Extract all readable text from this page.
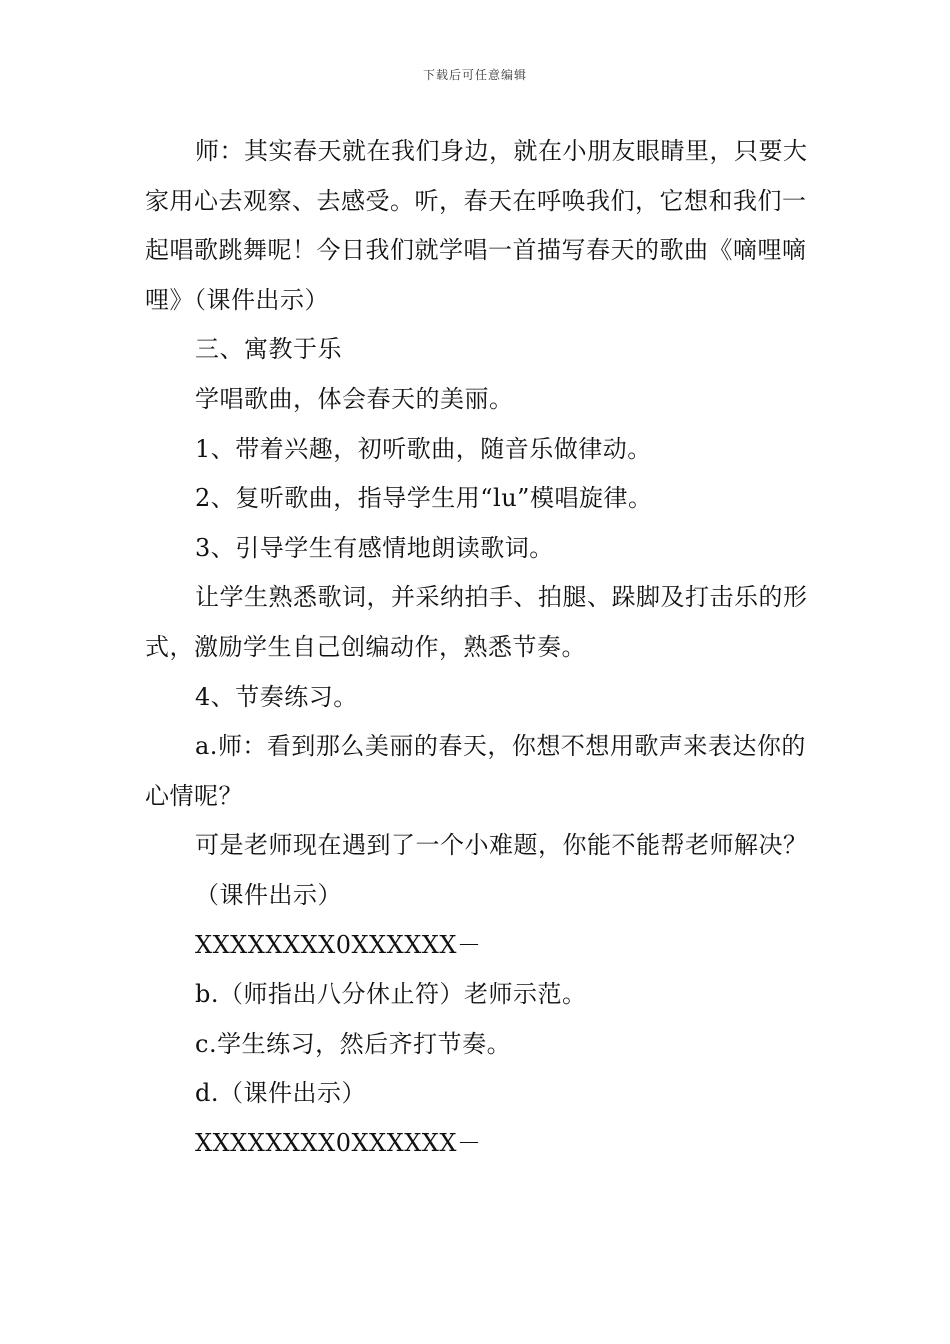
下载后可任意编辑

师：其实春天就在我们身边，就在小朋友眼睛里，只要大家用心去观察、去感受。听，春天在呼唤我们，它想和我们一起唱歌跳舞呢！今日我们就学唱一首描写春天的歌曲《嘀哩嘀哩》（课件出示）

三、寓教于乐

学唱歌曲，体会春天的美丽。

1、带着兴趣，初听歌曲，随音乐做律动。

2、复听歌曲，指导学生用“lu”模唱旋律。

3、引导学生有感情地朗读歌词。

让学生熟悉歌词，并采纳拍手、拍腿、跺脚及打击乐的形式，激励学生自己创编动作，熟悉节奏。

4、节奏练习。

a.师：看到那么美丽的春天，你想不想用歌声来表达你的心情呢？

可是老师现在遇到了一个小难题，你能不能帮老师解决？

（课件出示）

XXXXXXXX0XXXXXX－

b.（师指出八分休止符）老师示范。

c.学生练习，然后齐打节奏。

d.（课件出示）

XXXXXXXX0XXXXXX－
